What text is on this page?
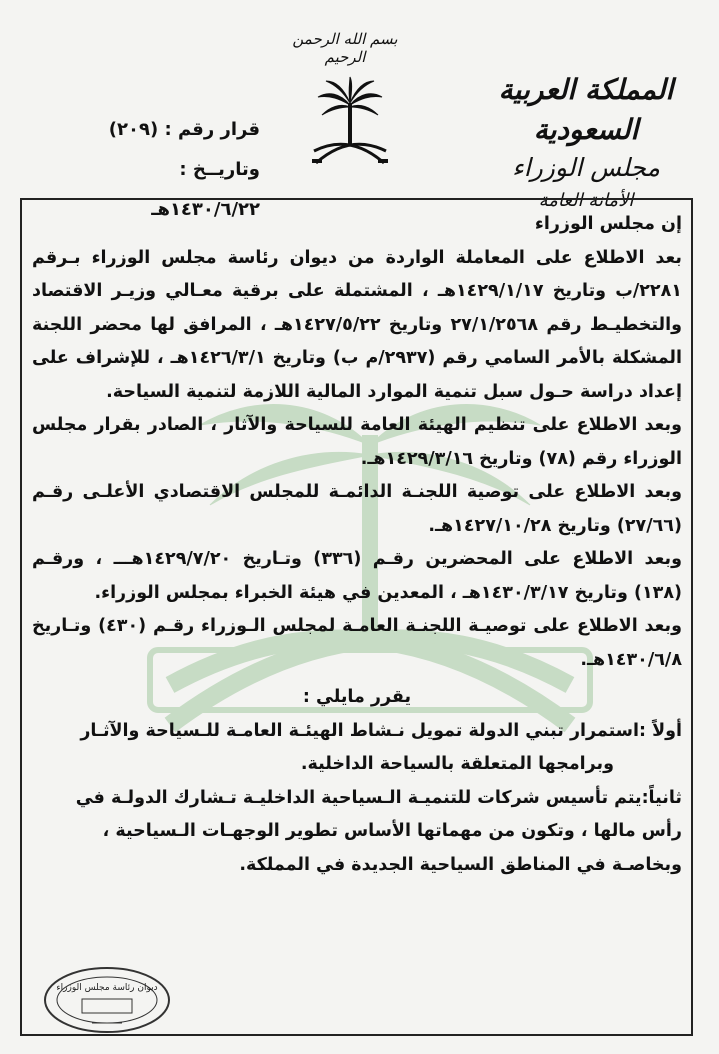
بسم الله الرحمن الرحيم
المملكة العربية السعودية
مجلس الوزراء
الأمانة العامة
قرار رقم : (٢٠٩)
وتاريــخ : ١٤٣٠/٦/٢٢هـ

إن مجلس الوزراء

بعد الاطلاع على المعاملة الواردة من ديوان رئاسة مجلس الوزراء بـرقم ٢٢٨١/ب وتاريخ ١٤٢٩/١/١٧هـ ، المشتملة على برقية معـالي وزيـر الاقتصاد والتخطيـط رقم ٢٧/١/٢٥٦٨ وتاريخ ١٤٢٧/٥/٢٢هـ ، المرافق لها محضر اللجنة المشكلة بالأمر السامي رقم (٢٩٣٧/م ب) وتاريخ ١٤٢٦/٣/١هـ ، للإشراف على إعداد دراسة حـول سبل تنمية الموارد المالية اللازمة لتنمية السياحة.

وبعد الاطلاع على تنظيم الهيئة العامة للسياحة والآثار ، الصادر بقرار مجلس الوزراء رقم (٧٨) وتاريخ ١٤٢٩/٣/١٦هـ.

وبعد الاطلاع على توصية اللجنـة الدائمـة للمجلس الاقتصادي الأعلـى رقـم (٢٧/٦٦) وتاريخ ١٤٢٧/١٠/٢٨هـ.

وبعد الاطلاع على المحضرين رقـم (٣٣٦) وتـاريخ ١٤٢٩/٧/٢٠هـــ ، ورقـم (١٣٨) وتاريخ ١٤٣٠/٣/١٧هـ ، المعدين في هيئة الخبراء بمجلس الوزراء.

وبعد الاطلاع على توصيـة اللجنـة العامـة لمجلس الـوزراء رقـم (٤٣٠) وتـاريخ ١٤٣٠/٦/٨هـ.

يقرر مايلي :

أولاً :
استمرار تبني الدولة تمويل نـشاط الهيئـة العامـة للـسياحة والآثـار

وبرامجها المتعلقة بالسياحة الداخلية.

ثانياً:
يتم تأسيس شركات للتنميـة الـسياحية الداخليـة تـشارك الدولـة في

رأس مالها ، وتكون من مهماتها الأساس تطوير الوجهـات الـسياحية ،

وبخاصـة في المناطق السياحية الجديدة في المملكة.

ديوان رئاسة مجلس الوزراء
